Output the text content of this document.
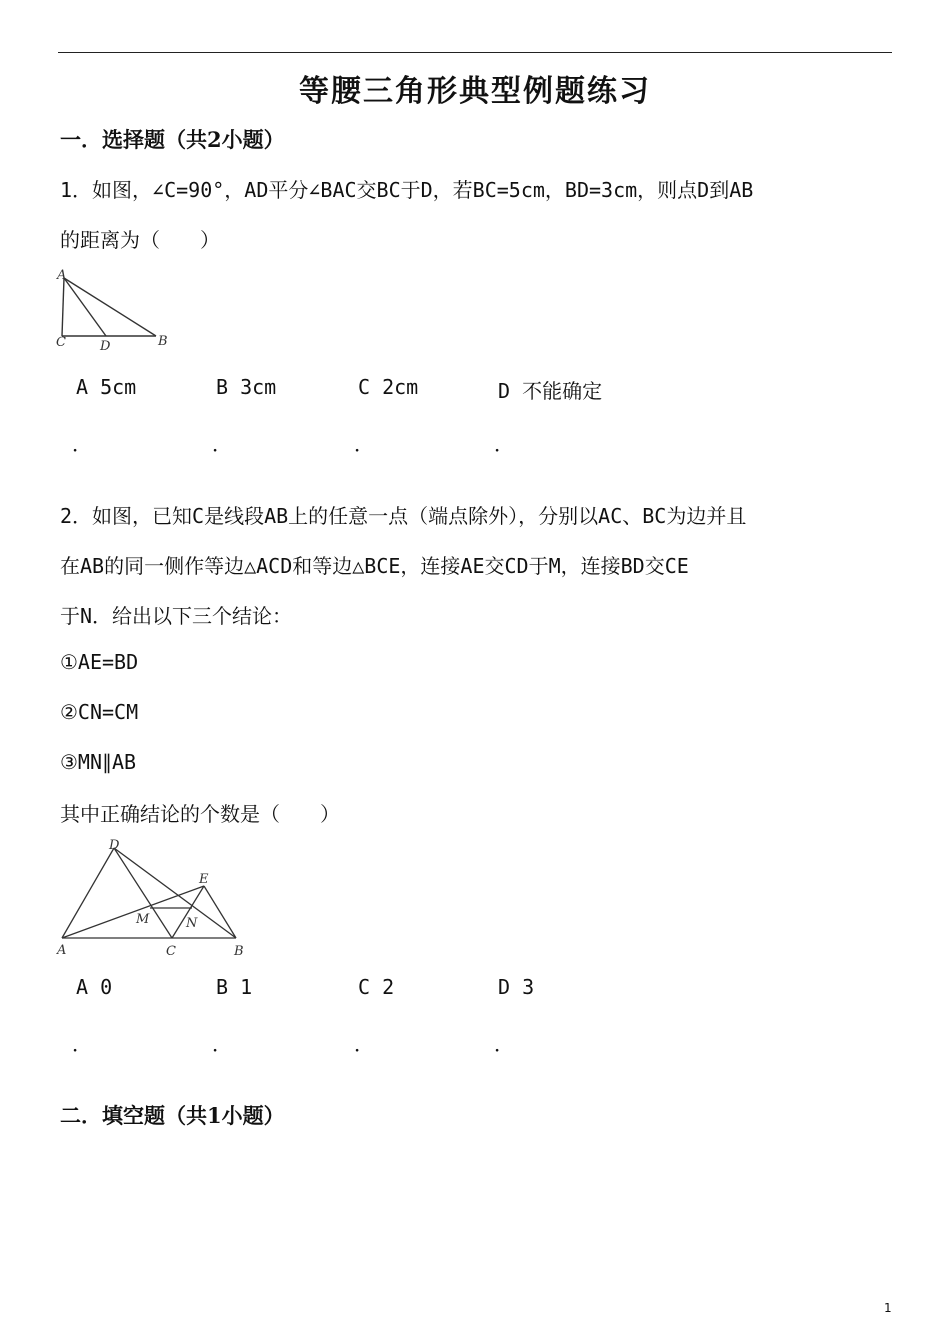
等腰三角形典型例题练习
一．选择题（共2小题）
1．如图，∠C=90°，AD平分∠BAC交BC于D，若BC=5cm，BD=3cm，则点D到AB
的距离为（　　）
A
C	D	B
A 5cm	B 3cm	C 2cm	D 不能确定
．	．	．	．
2．如图，已知C是线段AB上的任意一点（端点除外），分别以AC、BC为边并且
在AB的同一侧作等边△ACD和等边△BCE，连接AE交CD于M，连接BD交CE
于N．给出以下三个结论：
①AE=BD
②CN=CM
③MN∥AB
其中正确结论的个数是（　　）
D
E
M	N
A	C	B
A 0	B 1	C 2	D 3
．	．	．	．
二．填空题（共1小题）
1
